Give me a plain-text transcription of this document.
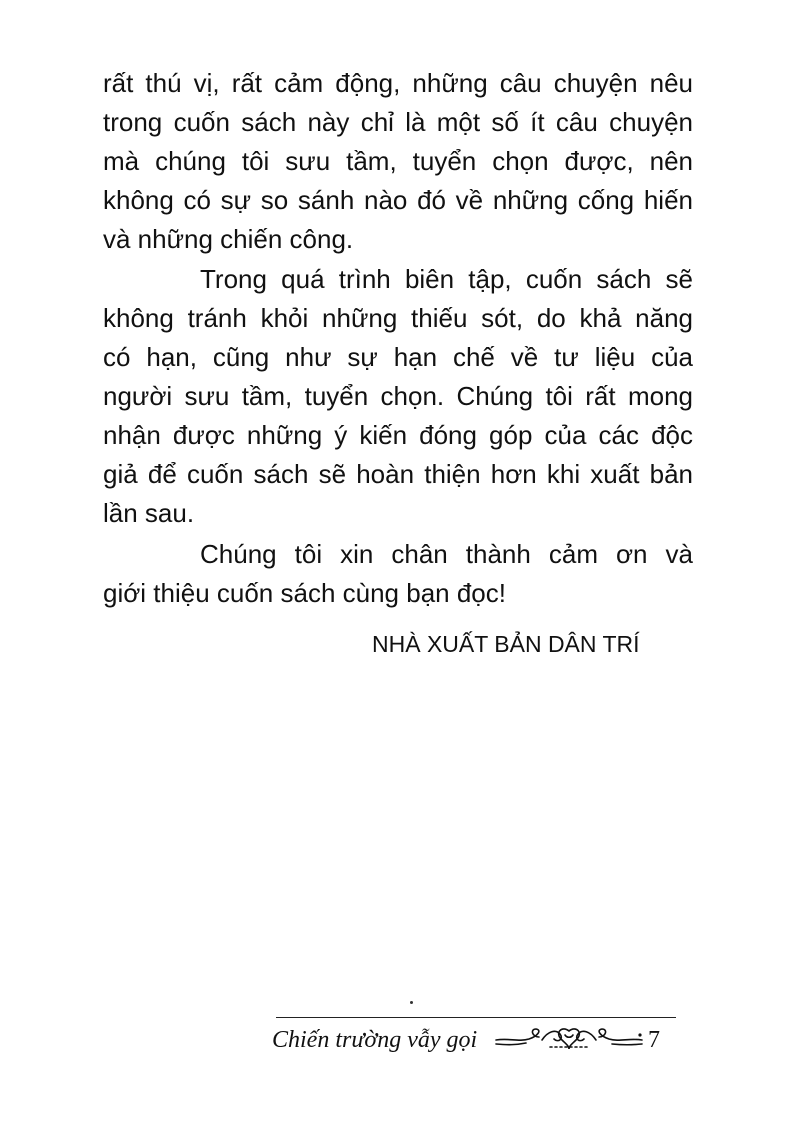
rất thú vị, rất cảm động, những câu chuyện nêu
trong cuốn sách này chỉ là một số ít câu chuyện
mà chúng tôi sưu tầm, tuyển chọn được, nên
không có sự so sánh nào đó về những cống hiến
và những chiến công.
Trong quá trình biên tập, cuốn sách sẽ
không tránh khỏi những thiếu sót, do khả năng
có hạn, cũng như sự hạn chế về tư liệu của
người sưu tầm, tuyển chọn. Chúng tôi rất mong
nhận được những ý kiến đóng góp của các độc
giả để cuốn sách sẽ hoàn thiện hơn khi xuất bản
lần sau.
Chúng tôi xin chân thành cảm ơn và
giới thiệu cuốn sách cùng bạn đọc!
NHÀ XUẤT BẢN DÂN TRÍ
Chiến trường vẫy gọi	7
